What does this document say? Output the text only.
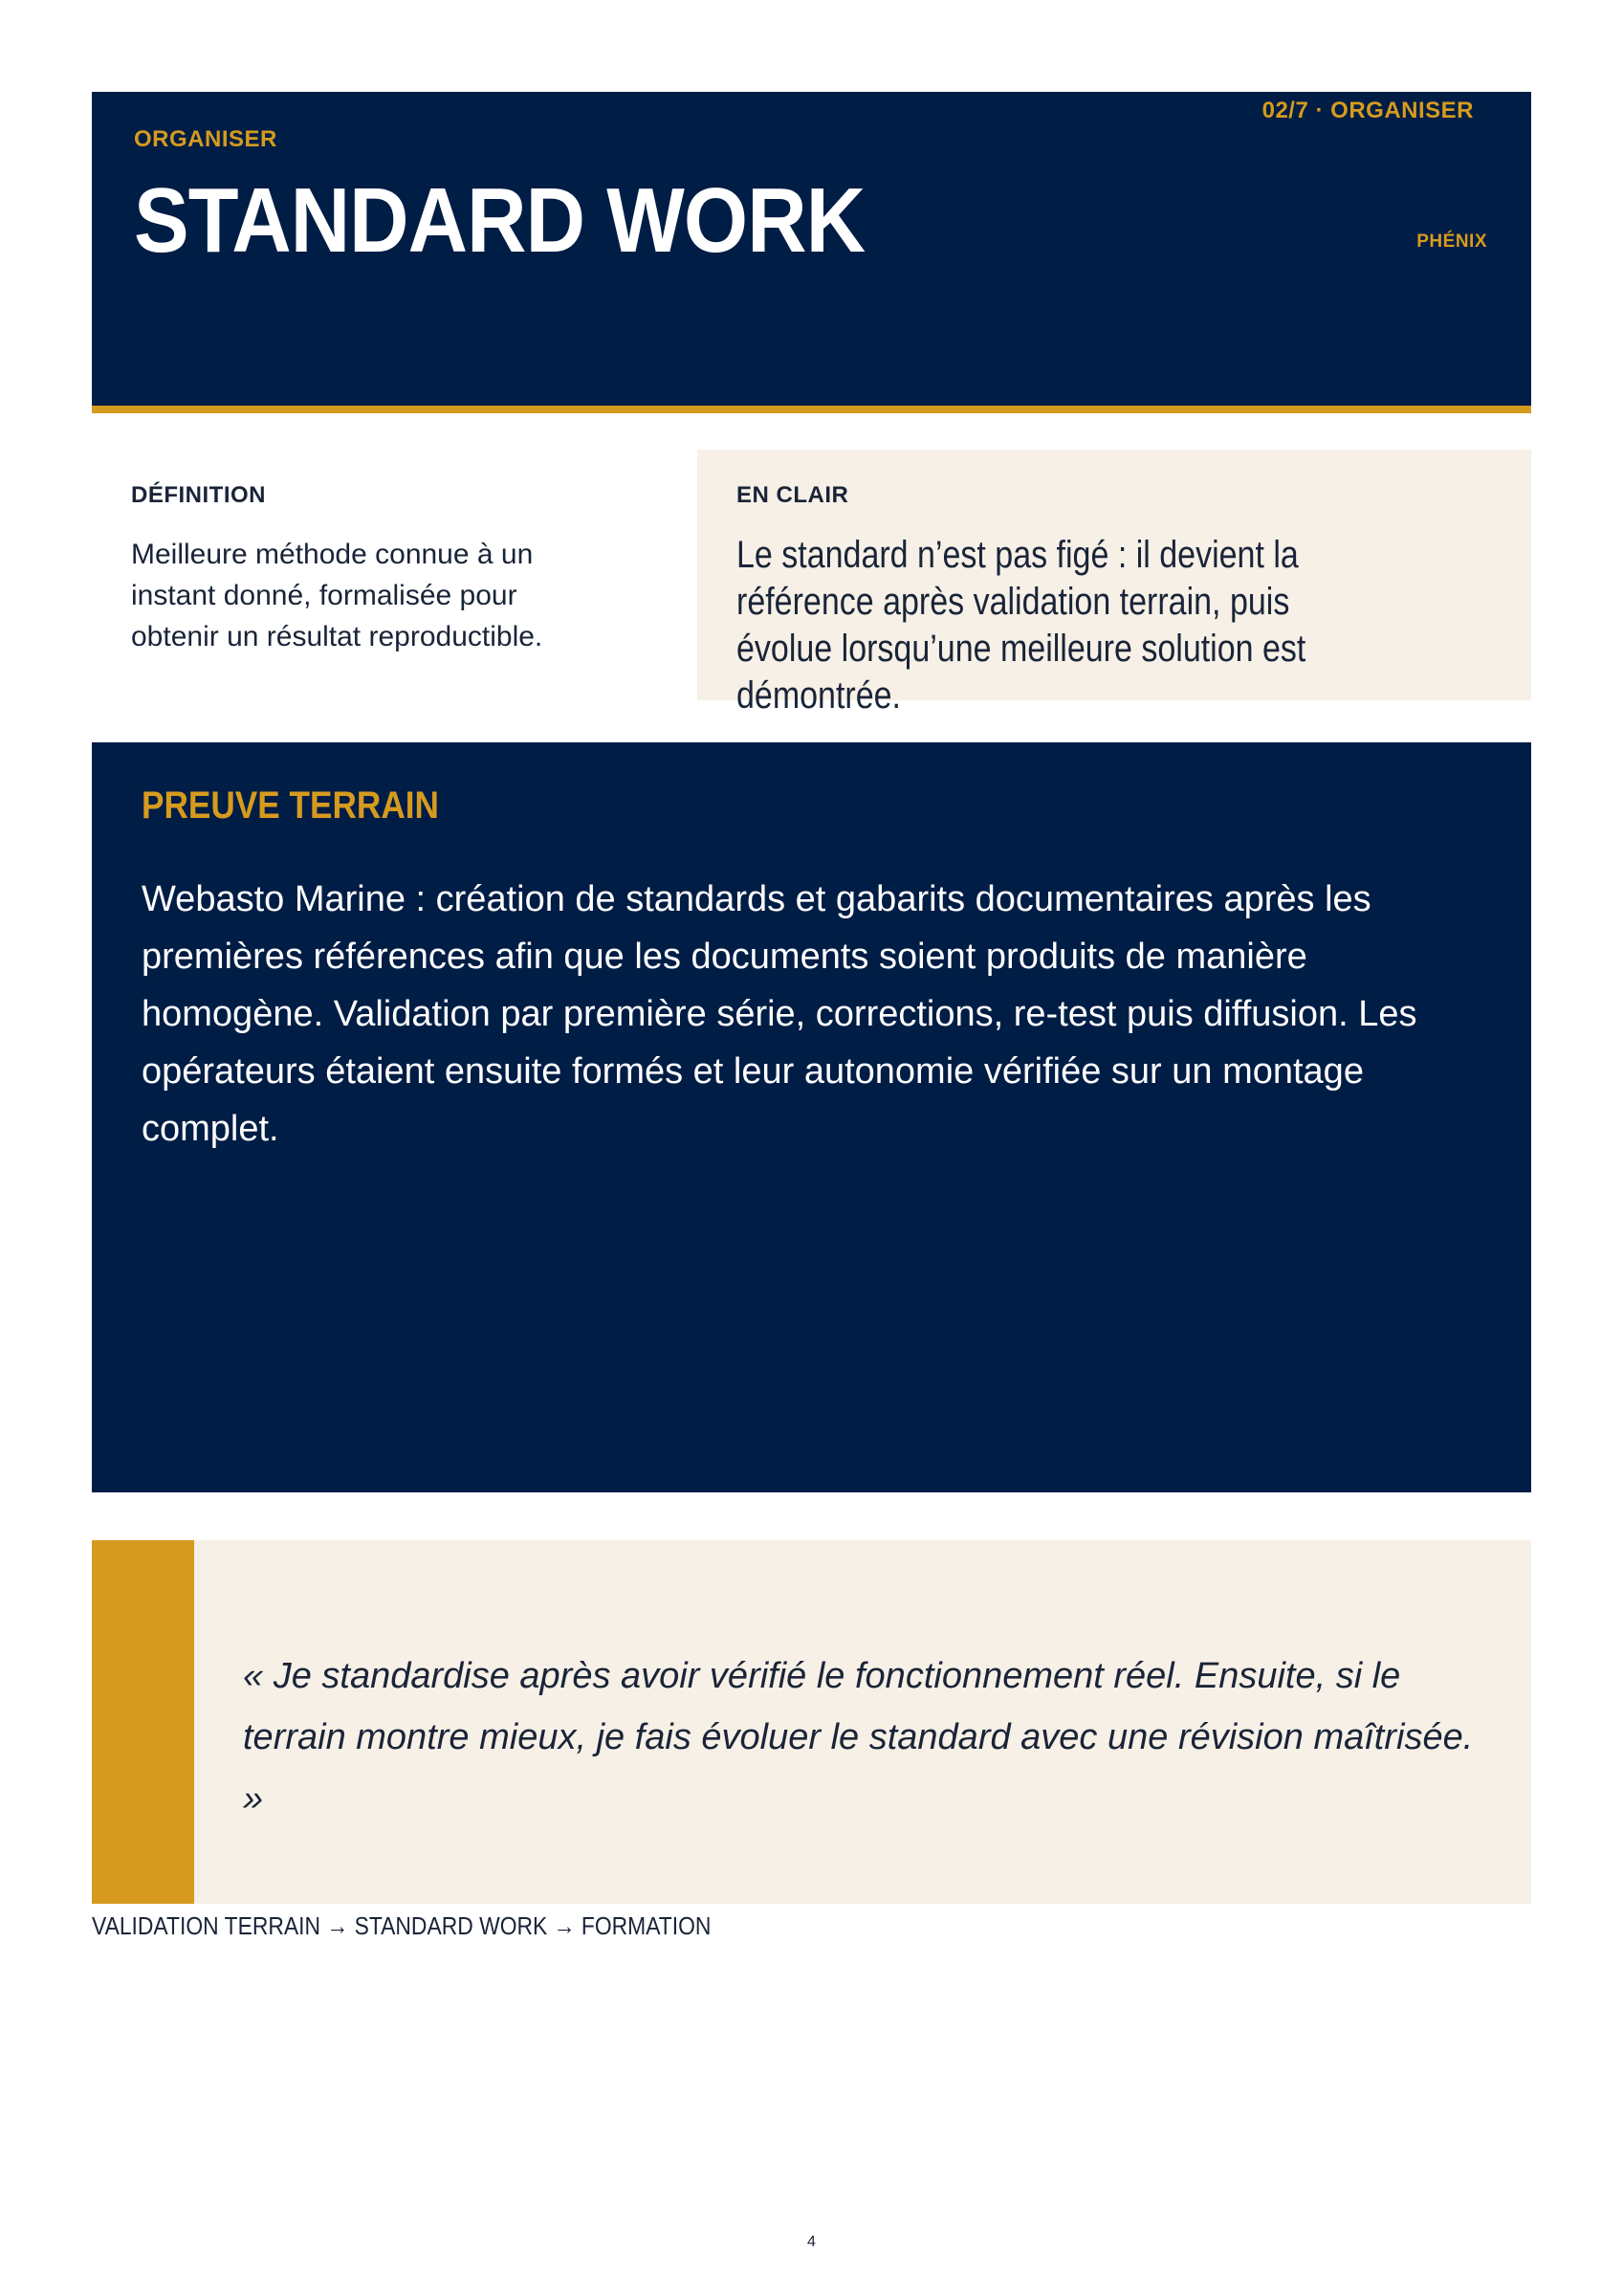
ORGANISER
STANDARD WORK
02/7 · ORGANISER
PHÉNIX
DÉFINITION
Meilleure méthode connue à un instant donné, formalisée pour obtenir un résultat reproductible.
EN CLAIR
Le standard n’est pas figé : il devient la référence après validation terrain, puis évolue lorsqu’une meilleure solution est démontrée.
PREUVE TERRAIN
Webasto Marine : création de standards et gabarits documentaires après les premières références afin que les documents soient produits de manière homogène. Validation par première série, corrections, re-test puis diffusion. Les opérateurs étaient ensuite formés et leur autonomie vérifiée sur un montage complet.
« Je standardise après avoir vérifié le fonctionnement réel. Ensuite, si le terrain montre mieux, je fais évoluer le standard avec une révision maîtrisée. »
VALIDATION TERRAIN → STANDARD WORK → FORMATION
4
